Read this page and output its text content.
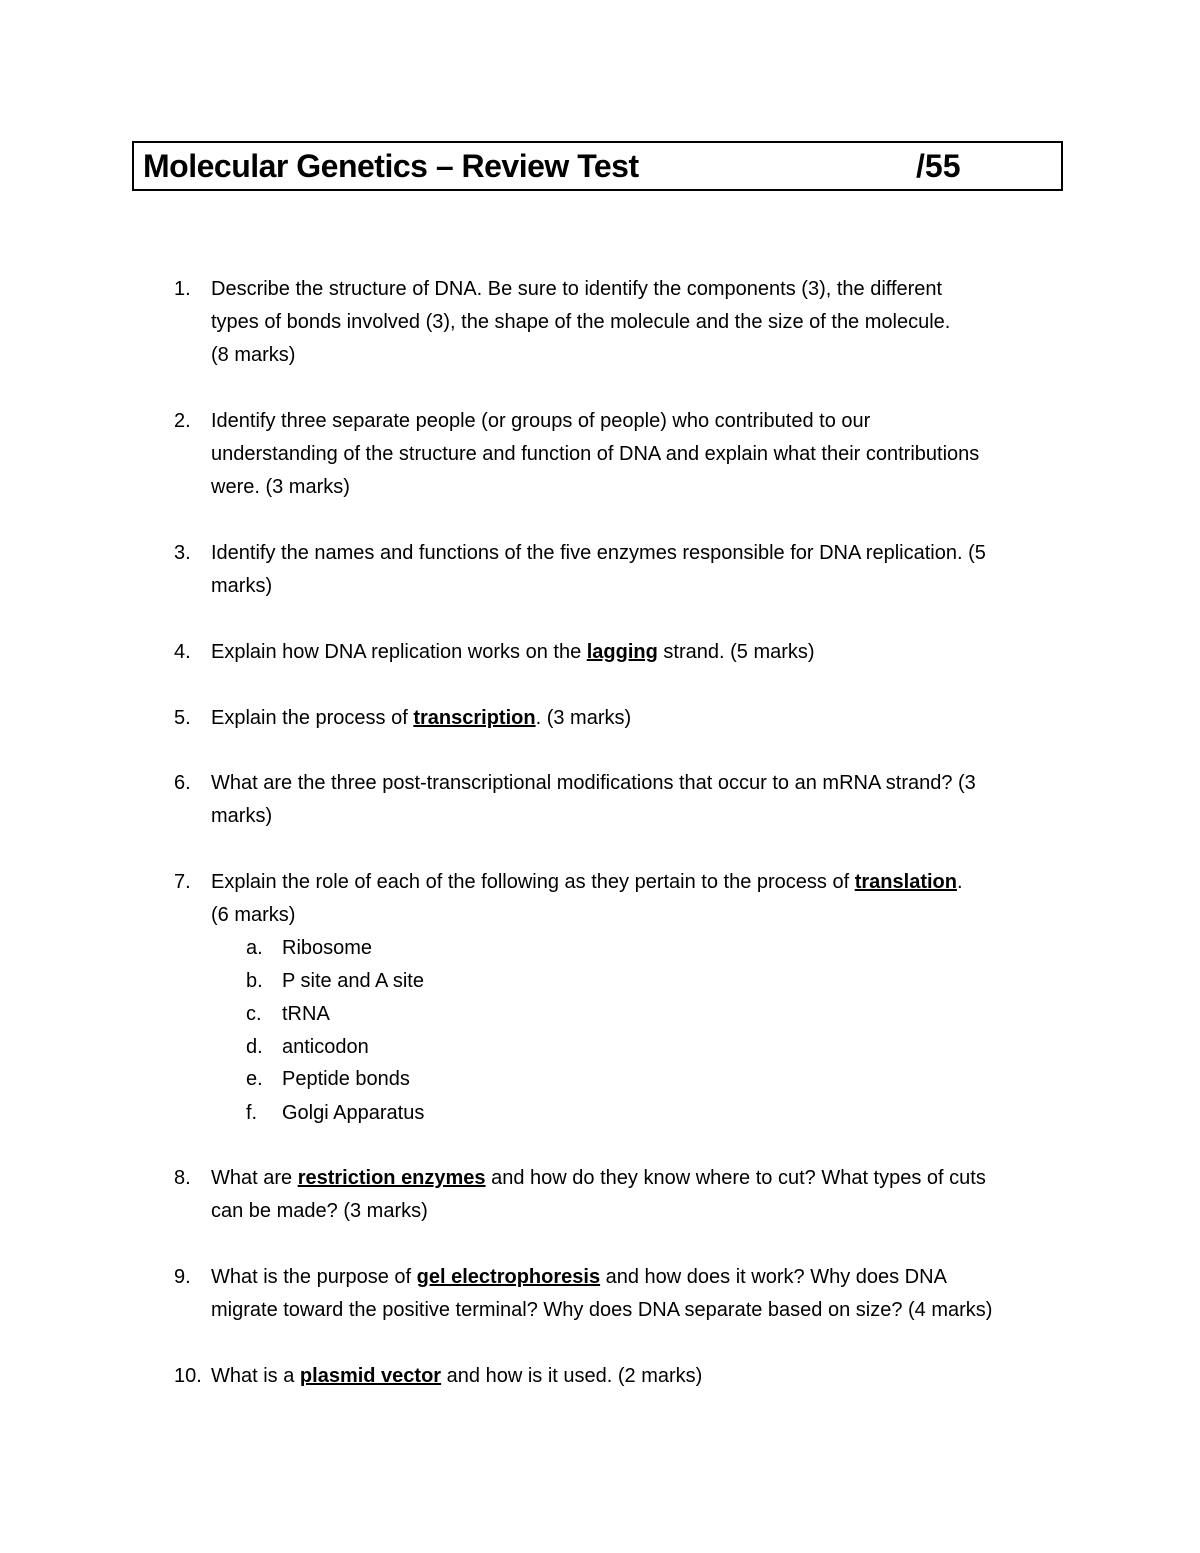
Molecular Genetics – Review Test	/55
1.	Describe the structure of DNA. Be sure to identify the components (3), the different
types of bonds involved (3), the shape of the molecule and the size of the molecule.
(8 marks)
2.	Identify three separate people (or groups of people) who contributed to our
understanding of the structure and function of DNA and explain what their contributions
were. (3 marks)
3.	Identify the names and functions of the five enzymes responsible for DNA replication. (5
marks)
4.	Explain how DNA replication works on the lagging strand. (5 marks)
5.	Explain the process of transcription. (3 marks)
6.	What are the three post-transcriptional modifications that occur to an mRNA strand? (3
marks)
7.	Explain the role of each of the following as they pertain to the process of translation.
(6 marks)
a. Ribosome
b. P site and A site
c. tRNA
d. anticodon
e. Peptide bonds
f. Golgi Apparatus
8.	What are restriction enzymes and how do they know where to cut? What types of cuts
can be made? (3 marks)
9.	What is the purpose of gel electrophoresis and how does it work? Why does DNA
migrate toward the positive terminal? Why does DNA separate based on size? (4 marks)
10. What is a plasmid vector and how is it used. (2 marks)
